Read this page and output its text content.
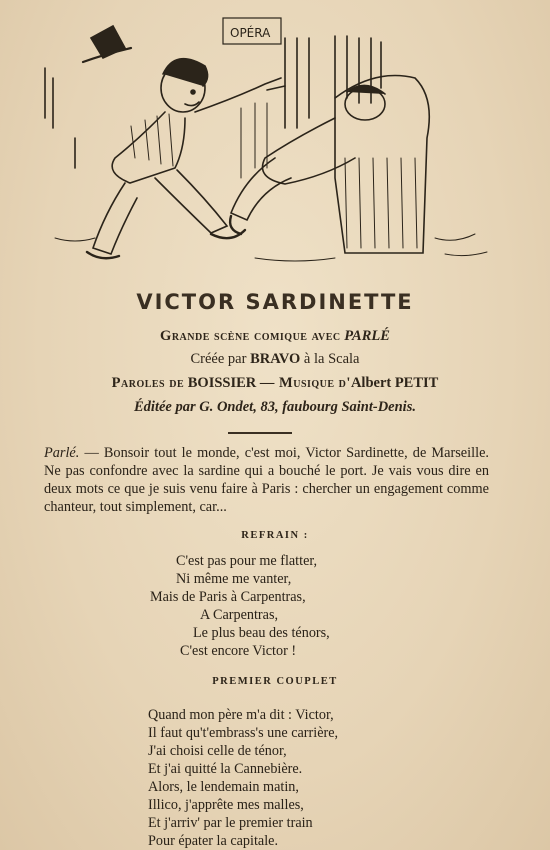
OPÉRA
VICTOR SARDINETTE
Grande scène comique avec PARLÉ
Créée par BRAVO à la Scala
Paroles de BOISSIER — Musique d'Albert PETIT
Éditée par G. Ondet, 83, faubourg Saint-Denis.
Parlé. — Bonsoir tout le monde, c'est moi, Victor Sardinette, de Marseille. Ne pas confondre avec la sardine qui a bouché le port. Je vais vous dire en deux mots ce que je suis venu faire à Paris : chercher un engagement comme chanteur, tout simplement, car...
REFRAIN :
C'est pas pour me flatter,
Ni même me vanter,
Mais de Paris à Carpentras,
A Carpentras,
Le plus beau des ténors,
C'est encore Victor !
PREMIER COUPLET
Quand mon père m'a dit : Victor,
Il faut qu't'embrass's une carrière,
J'ai choisi celle de ténor,
Et j'ai quitté la Cannebière.
Alors, le lendemain matin,
Illico, j'apprête mes malles,
Et j'arriv' par le premier train
Pour épater la capitale.
